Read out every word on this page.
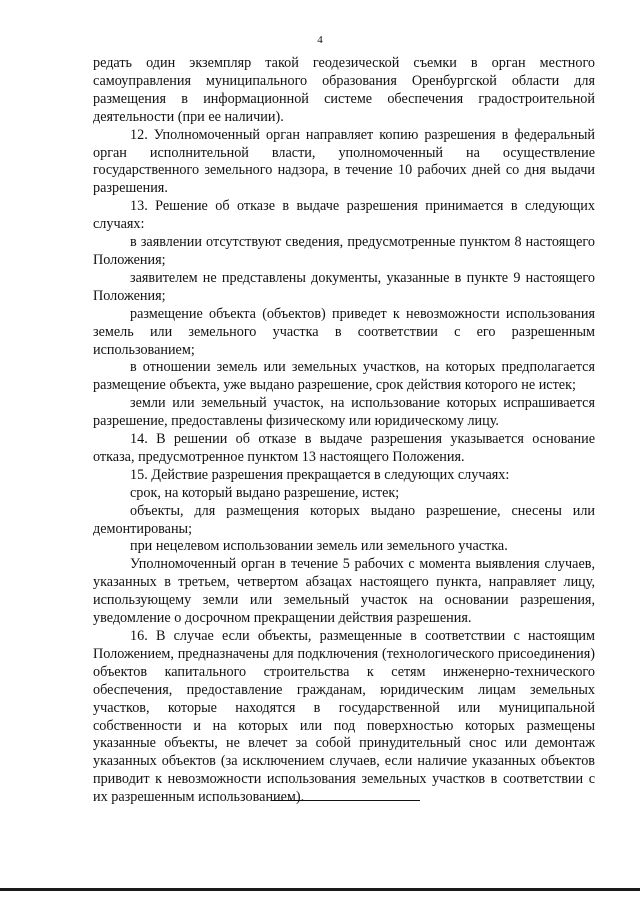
4

редать один экземпляр такой геодезической съемки в орган местного самоуправления муниципального образования Оренбургской области для размещения в информационной системе обеспечения градостроительной деятельности (при ее наличии).

12. Уполномоченный орган направляет копию разрешения в федеральный орган исполнительной власти, уполномоченный на осуществление государственного земельного надзора, в течение 10 рабочих дней со дня выдачи разрешения.

13. Решение об отказе в выдаче разрешения принимается в следующих случаях:

в заявлении отсутствуют сведения, предусмотренные пунктом 8 настоящего Положения;

заявителем не представлены документы, указанные в пункте 9 настоящего Положения;

размещение объекта (объектов) приведет к невозможности использования земель или земельного участка в соответствии с его разрешенным использованием;

в отношении земель или земельных участков, на которых предполагается размещение объекта, уже выдано разрешение, срок действия которого не истек;

земли или земельный участок, на использование которых испрашивается разрешение, предоставлены физическому или юридическому лицу.

14. В решении об отказе в выдаче разрешения указывается основание отказа, предусмотренное пунктом 13 настоящего Положения.

15. Действие разрешения прекращается в следующих случаях:

срок, на который выдано разрешение, истек;

объекты, для размещения которых выдано разрешение, снесены или демонтированы;

при нецелевом использовании земель или земельного участка.

Уполномоченный орган в течение 5 рабочих с момента выявления случаев, указанных в третьем, четвертом абзацах настоящего пункта, направляет лицу, использующему земли или земельный участок на основании разрешения, уведомление о досрочном прекращении действия разрешения.

16. В случае если объекты, размещенные в соответствии с настоящим Положением, предназначены для подключения (технологического присоединения) объектов капитального строительства к сетям инженерно-технического обеспечения, предоставление гражданам, юридическим лицам земельных участков, которые находятся в государственной или муниципальной собственности и на которых или под поверхностью которых размещены указанные объекты, не влечет за собой принудительный снос или демонтаж указанных объектов (за исключением случаев, если наличие указанных объектов приводит к невозможности использования земельных участков в соответствии с их разрешенным использованием).
